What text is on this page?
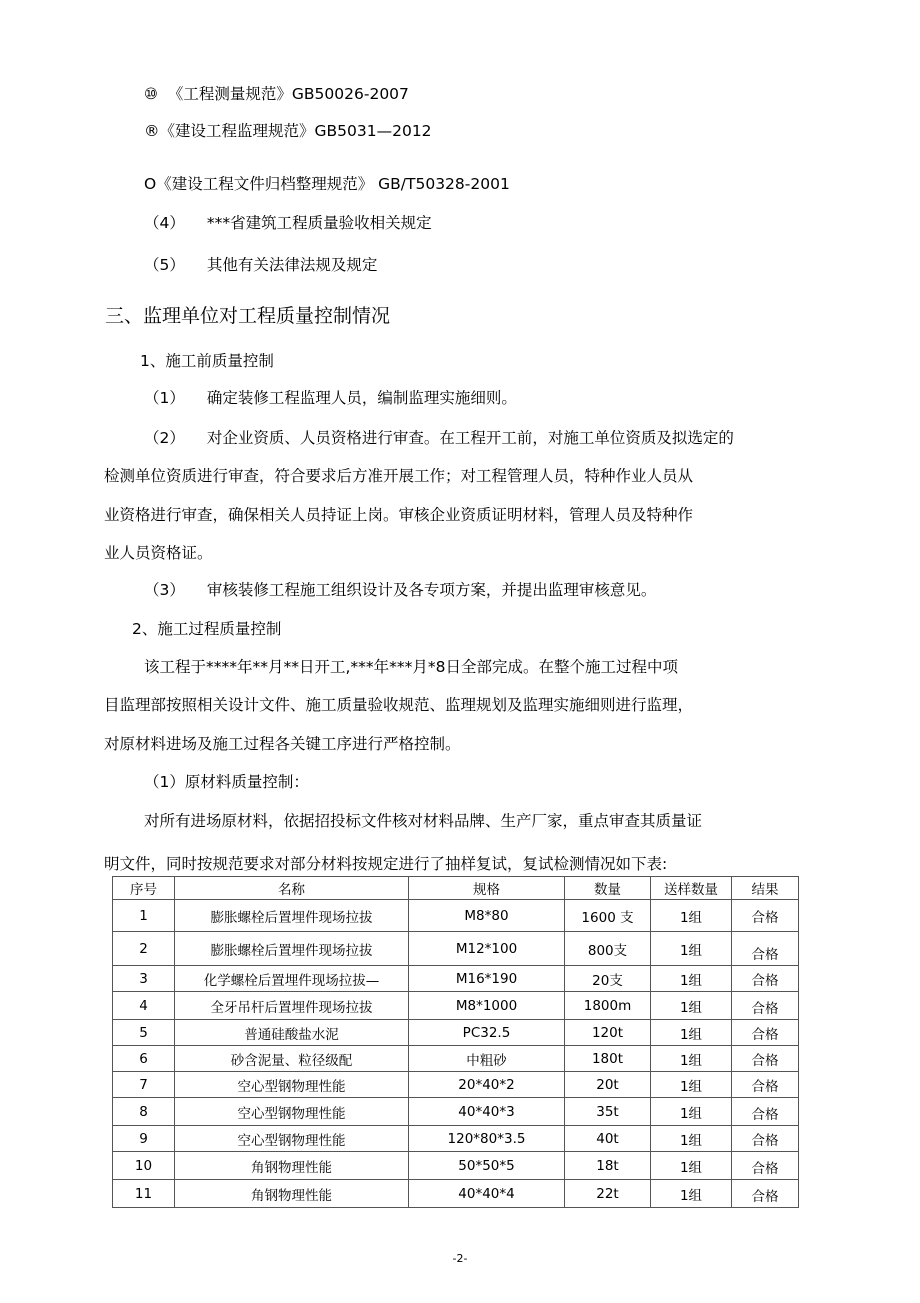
⑩ 《工程测量规范》GB50026-2007
®《建设工程监理规范》GB5031—2012
O《建设工程文件归档整理规范》 GB/T50328-2001
（4） ***省建筑工程质量验收相关规定
（5） 其他有关法律法规及规定
三、监理单位对工程质量控制情况
1、施工前质量控制
（1） 确定装修工程监理人员，编制监理实施细则。
（2） 对企业资质、人员资格进行审查。在工程开工前，对施工单位资质及拟选定的
检测单位资质进行审查，符合要求后方准开展工作；对工程管理人员，特种作业人员从
业资格进行审查，确保相关人员持证上岗。审核企业资质证明材料，管理人员及特种作
业人员资格证。
（3） 审核装修工程施工组织设计及各专项方案，并提出监理审核意见。
2、施工过程质量控制
该工程于****年**月**日开工,***年***月*8日全部完成。在整个施工过程中项
目监理部按照相关设计文件、施工质量验收规范、监理规划及监理实施细则进行监理，
对原材料进场及施工过程各关键工序进行严格控制。
（1）原材料质量控制：
对所有进场原材料，依据招投标文件核对材料品牌、生产厂家，重点审查其质量证
明文件，同时按规范要求对部分材料按规定进行了抽样复试，复试检测情况如下表:
序号	名称	规格	数量	送样数量	结果
1	膨胀螺栓后置埋件现场拉拔	M8*80	1600 支	1组	合格
2	膨胀螺栓后置埋件现场拉拔	M12*100	800支	1组	合格
3	化学螺栓后置埋件现场拉拔—	M16*190	20支	1组	合格
4	全牙吊杆后置埋件现场拉拔	M8*1000	1800m	1组	合格
5	普通硅酸盐水泥	PC32.5	120t	1组	合格
6	砂含泥量、粒径级配	中粗砂	180t	1组	合格
7	空心型钢物理性能	20*40*2	20t	1组	合格
8	空心型钢物理性能	40*40*3	35t	1组	合格
9	空心型钢物理性能	120*80*3.5	40t	1组	合格
10	角钢物理性能	50*50*5	18t	1组	合格
11	角钢物理性能	40*40*4	22t	1组	合格
-2-
